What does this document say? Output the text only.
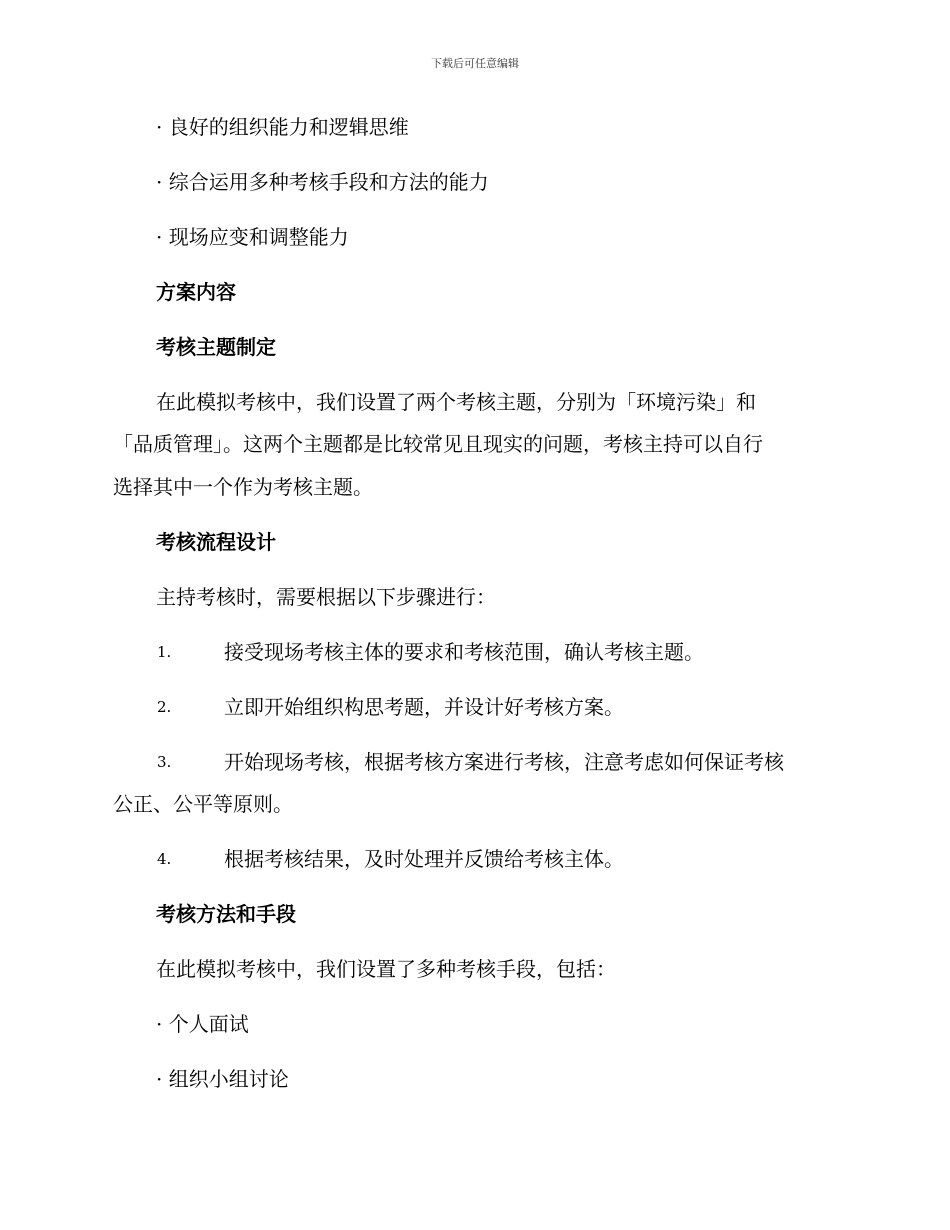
下载后可任意编辑
· 良好的组织能力和逻辑思维
· 综合运用多种考核手段和方法的能力
· 现场应变和调整能力
方案内容
考核主题制定
在此模拟考核中，我们设置了两个考核主题，分别为「环境污染」和
「品质管理」。这两个主题都是比较常见且现实的问题，考核主持可以自行
选择其中一个作为考核主题。
考核流程设计
主持考核时，需要根据以下步骤进行：
1.	接受现场考核主体的要求和考核范围，确认考核主题。
2.	立即开始组织构思考题，并设计好考核方案。
3.	开始现场考核，根据考核方案进行考核，注意考虑如何保证考核
公正、公平等原则。
4.	根据考核结果，及时处理并反馈给考核主体。
考核方法和手段
在此模拟考核中，我们设置了多种考核手段，包括：
· 个人面试
· 组织小组讨论
